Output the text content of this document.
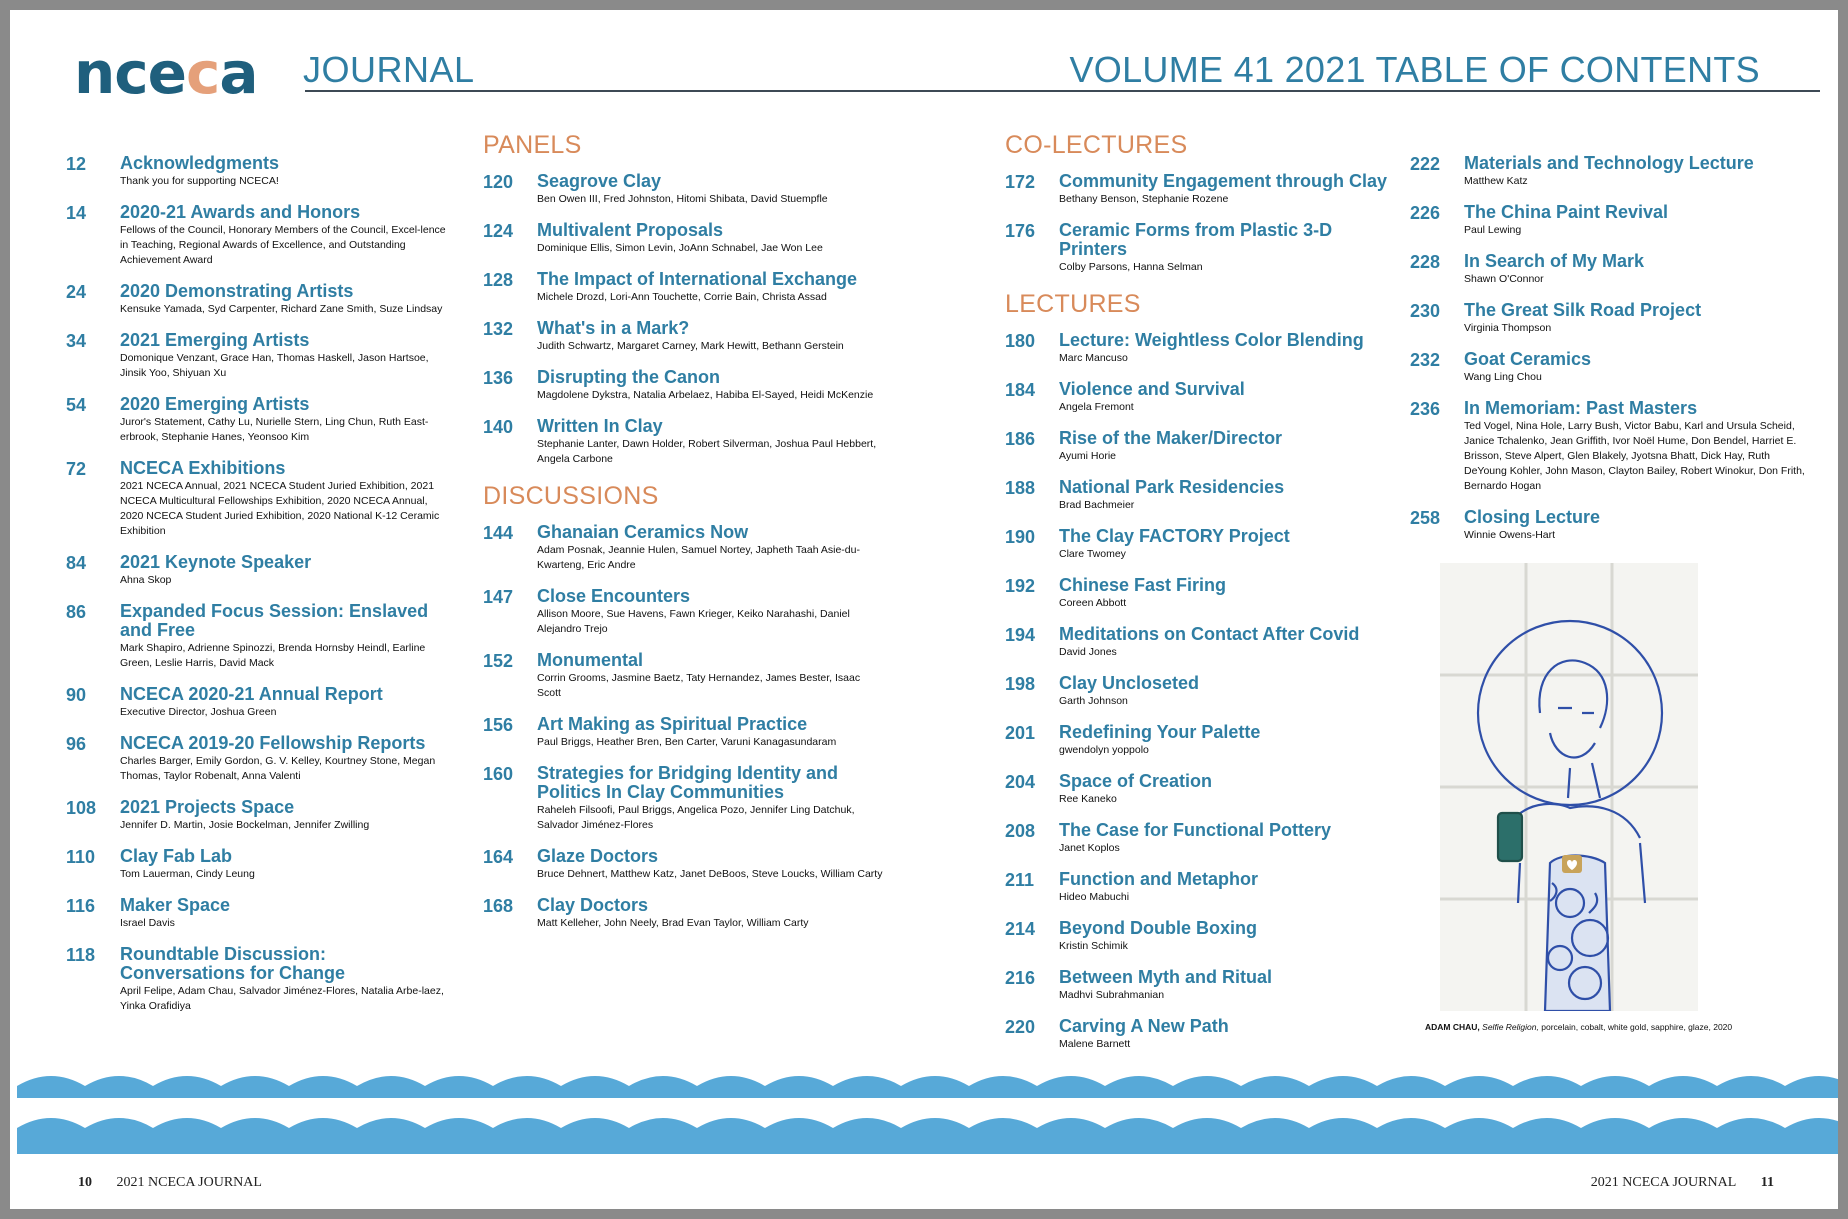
nceca JOURNAL	VOLUME 41 2021 TABLE OF CONTENTS
12 Acknowledgments
Thank you for supporting NCECA!
14 2020-21 Awards and Honors
Fellows of the Council, Honorary Members of the Council, Excel-lence in Teaching, Regional Awards of Excellence, and Outstanding Achievement Award
24 2020 Demonstrating Artists
Kensuke Yamada, Syd Carpenter, Richard Zane Smith, Suze Lindsay
34 2021 Emerging Artists
Domonique Venzant, Grace Han, Thomas Haskell, Jason Hartsoe, Jinsik Yoo, Shiyuan Xu
54 2020 Emerging Artists
Juror's Statement, Cathy Lu, Nurielle Stern, Ling Chun, Ruth East-erbrook, Stephanie Hanes, Yeonsoo Kim
72 NCECA Exhibitions
2021 NCECA Annual, 2021 NCECA Student Juried Exhibition, 2021 NCECA Multicultural Fellowships Exhibition, 2020 NCECA Annual, 2020 NCECA Student Juried Exhibition, 2020 National K-12 Ceramic Exhibition
84 2021 Keynote Speaker
Ahna Skop
86 Expanded Focus Session: Enslaved and Free
Mark Shapiro, Adrienne Spinozzi, Brenda Hornsby Heindl, Earline Green, Leslie Harris, David Mack
90 NCECA 2020-21 Annual Report
Executive Director, Joshua Green
96 NCECA 2019-20 Fellowship Reports
Charles Barger, Emily Gordon, G. V. Kelley, Kourtney Stone, Megan Thomas, Taylor Robenalt, Anna Valenti
108 2021 Projects Space
Jennifer D. Martin, Josie Bockelman, Jennifer Zwilling
110 Clay Fab Lab
Tom Lauerman, Cindy Leung
116 Maker Space
Israel Davis
118 Roundtable Discussion: Conversations for Change
April Felipe, Adam Chau, Salvador Jiménez-Flores, Natalia Arbe-laez, Yinka Orafidiya
PANELS
120 Seagrove Clay
Ben Owen III, Fred Johnston, Hitomi Shibata, David Stuempfle
124 Multivalent Proposals
Dominique Ellis, Simon Levin, JoAnn Schnabel, Jae Won Lee
128 The Impact of International Exchange
Michele Drozd, Lori-Ann Touchette, Corrie Bain, Christa Assad
132 What's in a Mark?
Judith Schwartz, Margaret Carney, Mark Hewitt, Bethann Gerstein
136 Disrupting the Canon
Magdolene Dykstra, Natalia Arbelaez, Habiba El-Sayed, Heidi McKenzie
140 Written In Clay
Stephanie Lanter, Dawn Holder, Robert Silverman, Joshua Paul Hebbert, Angela Carbone
DISCUSSIONS
144 Ghanaian Ceramics Now
Adam Posnak, Jeannie Hulen, Samuel Nortey, Japheth Taah Asie-du-Kwarteng, Eric Andre
147 Close Encounters
Allison Moore, Sue Havens, Fawn Krieger, Keiko Narahashi, Daniel Alejandro Trejo
152 Monumental
Corrin Grooms, Jasmine Baetz, Taty Hernandez, James Bester, Isaac Scott
156 Art Making as Spiritual Practice
Paul Briggs, Heather Bren, Ben Carter, Varuni Kanagasundaram
160 Strategies for Bridging Identity and Politics In Clay Communities
Raheleh Filsoofi, Paul Briggs, Angelica Pozo, Jennifer Ling Datchuk, Salvador Jiménez-Flores
164 Glaze Doctors
Bruce Dehnert, Matthew Katz, Janet DeBoos, Steve Loucks, William Carty
168 Clay Doctors
Matt Kelleher, John Neely, Brad Evan Taylor, William Carty
CO-LECTURES
172 Community Engagement through Clay
Bethany Benson, Stephanie Rozene
176 Ceramic Forms from Plastic 3-D Printers
Colby Parsons, Hanna Selman
LECTURES
180 Lecture: Weightless Color Blending
Marc Mancuso
184 Violence and Survival
Angela Fremont
186 Rise of the Maker/Director
Ayumi Horie
188 National Park Residencies
Brad Bachmeier
190 The Clay FACTORY Project
Clare Twomey
192 Chinese Fast Firing
Coreen Abbott
194 Meditations on Contact After Covid
David Jones
198 Clay Uncloseted
Garth Johnson
201 Redefining Your Palette
gwendolyn yoppolo
204 Space of Creation
Ree Kaneko
208 The Case for Functional Pottery
Janet Koplos
211 Function and Metaphor
Hideo Mabuchi
214 Beyond Double Boxing
Kristin Schimik
216 Between Myth and Ritual
Madhvi Subrahmanian
220 Carving A New Path
Malene Barnett
222 Materials and Technology Lecture
Matthew Katz
226 The China Paint Revival
Paul Lewing
228 In Search of My Mark
Shawn O'Connor
230 The Great Silk Road Project
Virginia Thompson
232 Goat Ceramics
Wang Ling Chou
236 In Memoriam: Past Masters
Ted Vogel, Nina Hole, Larry Bush, Victor Babu, Karl and Ursula Scheid, Janice Tchalenko, Jean Griffith, Ivor Noël Hume, Don Bendel, Harriet E. Brisson, Steve Alpert, Glen Blakely, Jyotsna Bhatt, Dick Hay, Ruth DeYoung Kohler, John Mason, Clayton Bailey, Robert Winokur, Don Frith, Bernardo Hogan
258 Closing Lecture
Winnie Owens-Hart
ADAM CHAU, Selfie Religion, porcelain, cobalt, white gold, sapphire, glaze, 2020
10 2021 NCECA JOURNAL	2021 NCECA JOURNAL 11
